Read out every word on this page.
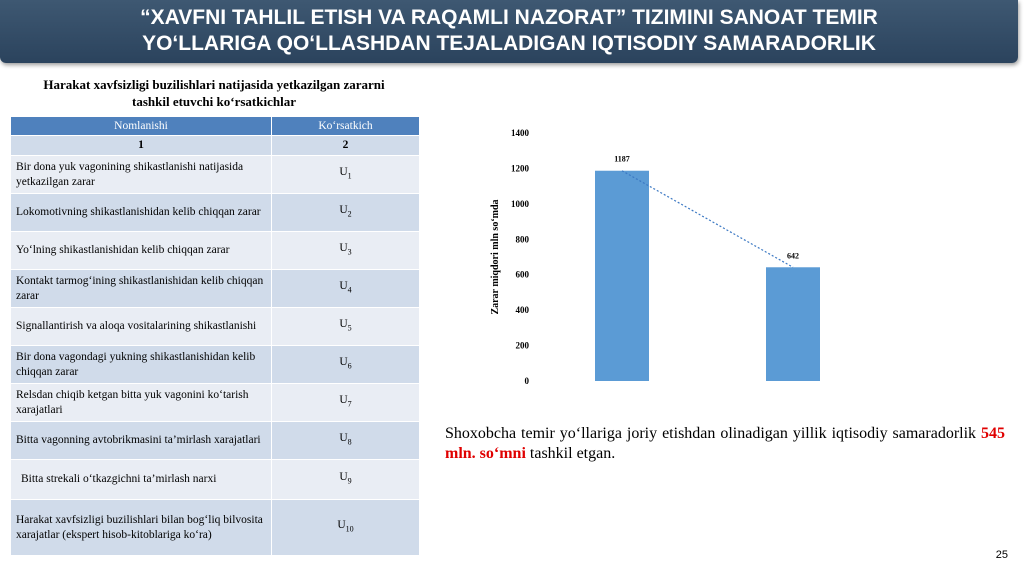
“XAVFNI TAHLIL ETISH VA RAQAMLI NAZORAT” TIZIMINI SANOAT TEMIR
YO‘LLARIGA QO‘LLASHDAN TEJALADIGAN IQTISODIY SAMARADORLIK
Harakat xavfsizligi buzilishlari natijasida yetkazilgan zararni
tashkil etuvchi ko‘rsatkichlar
Nomlanishi	Ko‘rsatkich
1	2
Bir dona yuk vagonining shikastlanishi natijasida yetkazilgan zarar	$U_1$
Lokomotivning shikastlanishidan kelib chiqqan zarar	$U_2$
Yo‘lning shikastlanishidan kelib chiqqan zarar	$U_3$
Kontakt tarmog‘ining shikastlanishidan kelib chiqqan zarar	$U_4$
Signallantirish va aloqa vositalarining shikastlanishi	$U_5$
Bir dona vagondagi yukning shikastlanishidan kelib chiqqan zarar	$U_6$
Relsdan chiqib ketgan bitta yuk vagonini ko‘tarish xarajatlari	$U_7$
Bitta vagonning avtobrikmasini ta’mirlash xarajatlari	$U_8$
Bitta strekali o‘tkazgichni ta’mirlash narxi	$U_9$
Harakat xavfsizligi buzilishlari bilan bog‘liq bilvosita xarajatlar (ekspert hisob-kitoblariga ko‘ra)	$U_{10}$
0
200
400
600
800
1000
1200
1400
Zarar miqdori mln so‘mda
1187
642
Shoxobcha temir yo‘llariga joriy etishdan olinadigan yillik iqtisodiy samaradorlik 545 mln. so‘mni tashkil etgan.
25
